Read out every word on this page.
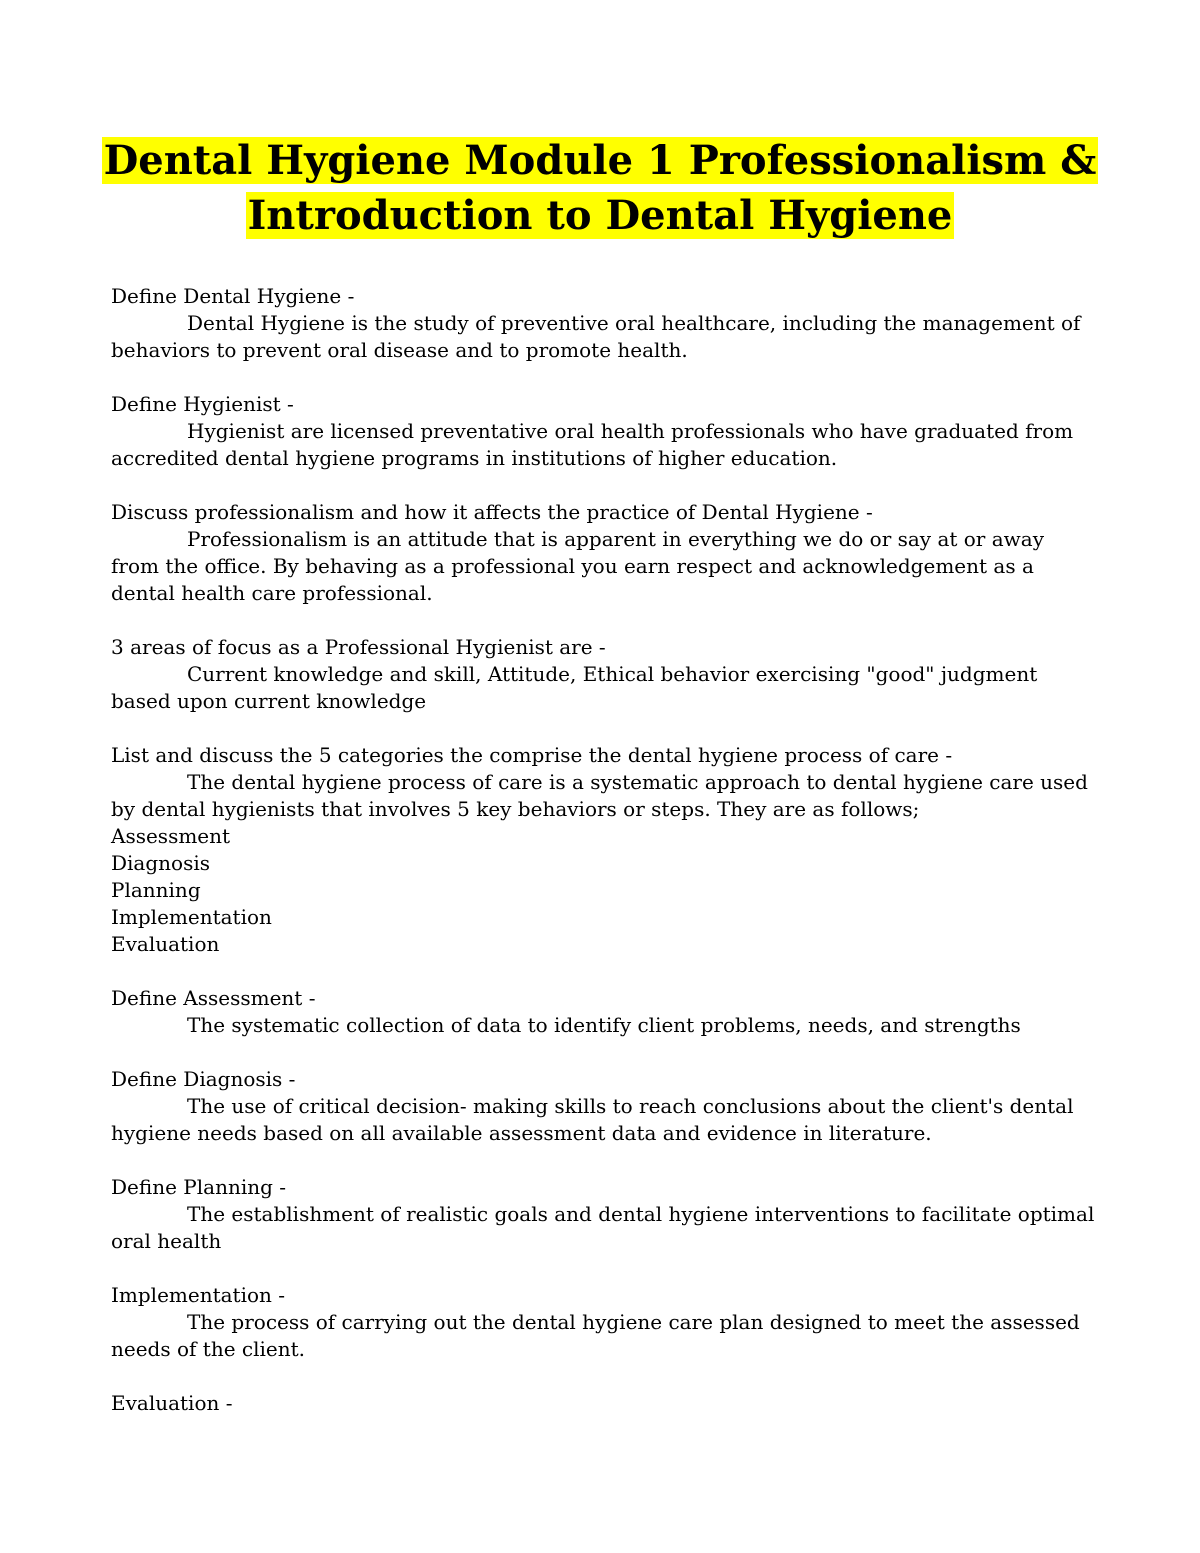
Dental Hygiene Module 1 Professionalism &
Introduction to Dental Hygiene
Define Dental Hygiene -
Dental Hygiene is the study of preventive oral healthcare, including the management of behaviors to prevent oral disease and to promote health.
Define Hygienist -
Hygienist are licensed preventative oral health professionals who have graduated from accredited dental hygiene programs in institutions of higher education.
Discuss professionalism and how it affects the practice of Dental Hygiene -
Professionalism is an attitude that is apparent in everything we do or say at or away from the office. By behaving as a professional you earn respect and acknowledgement as a dental health care professional.
3 areas of focus as a Professional Hygienist are -
Current knowledge and skill, Attitude, Ethical behavior exercising "good" judgment based upon current knowledge
List and discuss the 5 categories the comprise the dental hygiene process of care -
The dental hygiene process of care is a systematic approach to dental hygiene care used by dental hygienists that involves 5 key behaviors or steps. They are as follows;
Assessment
Diagnosis
Planning
Implementation
Evaluation
Define Assessment -
The systematic collection of data to identify client problems, needs, and strengths
Define Diagnosis -
The use of critical decision- making skills to reach conclusions about the client's dental hygiene needs based on all available assessment data and evidence in literature.
Define Planning -
The establishment of realistic goals and dental hygiene interventions to facilitate optimal oral health
Implementation -
The process of carrying out the dental hygiene care plan designed to meet the assessed needs of the client.
Evaluation -
